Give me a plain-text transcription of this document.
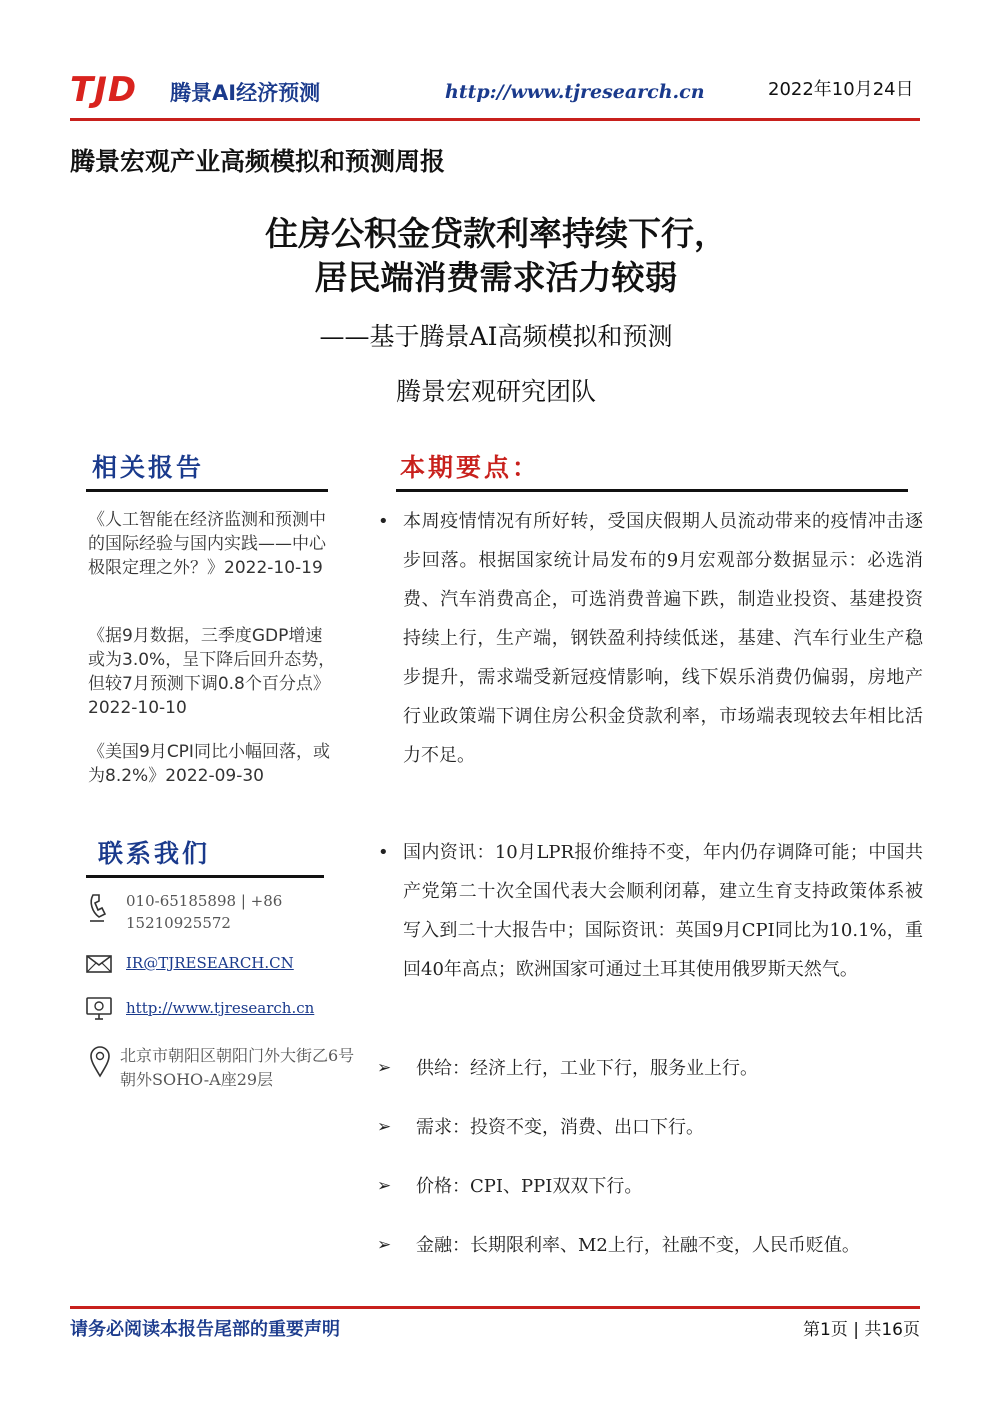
TJD 腾景AI经济预测	http://www.tjresearch.cn	2022年10月24日
腾景宏观产业高频模拟和预测周报
住房公积金贷款利率持续下行，
居民端消费需求活力较弱
——基于腾景AI高频模拟和预测
腾景宏观研究团队
相关报告
《人工智能在经济监测和预测中的国际经验与国内实践——中心极限定理之外？》2022-10-19
《据9月数据，三季度GDP增速或为3.0%，呈下降后回升态势，但较7月预测下调0.8个百分点》2022-10-10
《美国9月CPI同比小幅回落，或为8.2%》2022-09-30
联系我们
010-65185898 | +86 15210925572
IR@TJRESEARCH.CN
http://www.tjresearch.cn
北京市朝阳区朝阳门外大街乙6号朝外SOHO-A座29层
本期要点：
• 本周疫情情况有所好转，受国庆假期人员流动带来的疫情冲击逐步回落。根据国家统计局发布的9月宏观部分数据显示：必选消费、汽车消费高企，可选消费普遍下跌，制造业投资、基建投资持续上行，生产端，钢铁盈利持续低迷，基建、汽车行业生产稳步提升，需求端受新冠疫情影响，线下娱乐消费仍偏弱，房地产行业政策端下调住房公积金贷款利率，市场端表现较去年相比活力不足。
• 国内资讯：10月LPR报价维持不变，年内仍存调降可能；中国共产党第二十次全国代表大会顺利闭幕，建立生育支持政策体系被写入到二十大报告中；国际资讯：英国9月CPI同比为10.1%，重回40年高点；欧洲国家可通过土耳其使用俄罗斯天然气。
➢ 供给：经济上行，工业下行，服务业上行。
➢ 需求：投资不变，消费、出口下行。
➢ 价格：CPI、PPI双双下行。
➢ 金融：长期限利率、M2上行，社融不变，人民币贬值。
请务必阅读本报告尾部的重要声明	第1页 | 共16页
